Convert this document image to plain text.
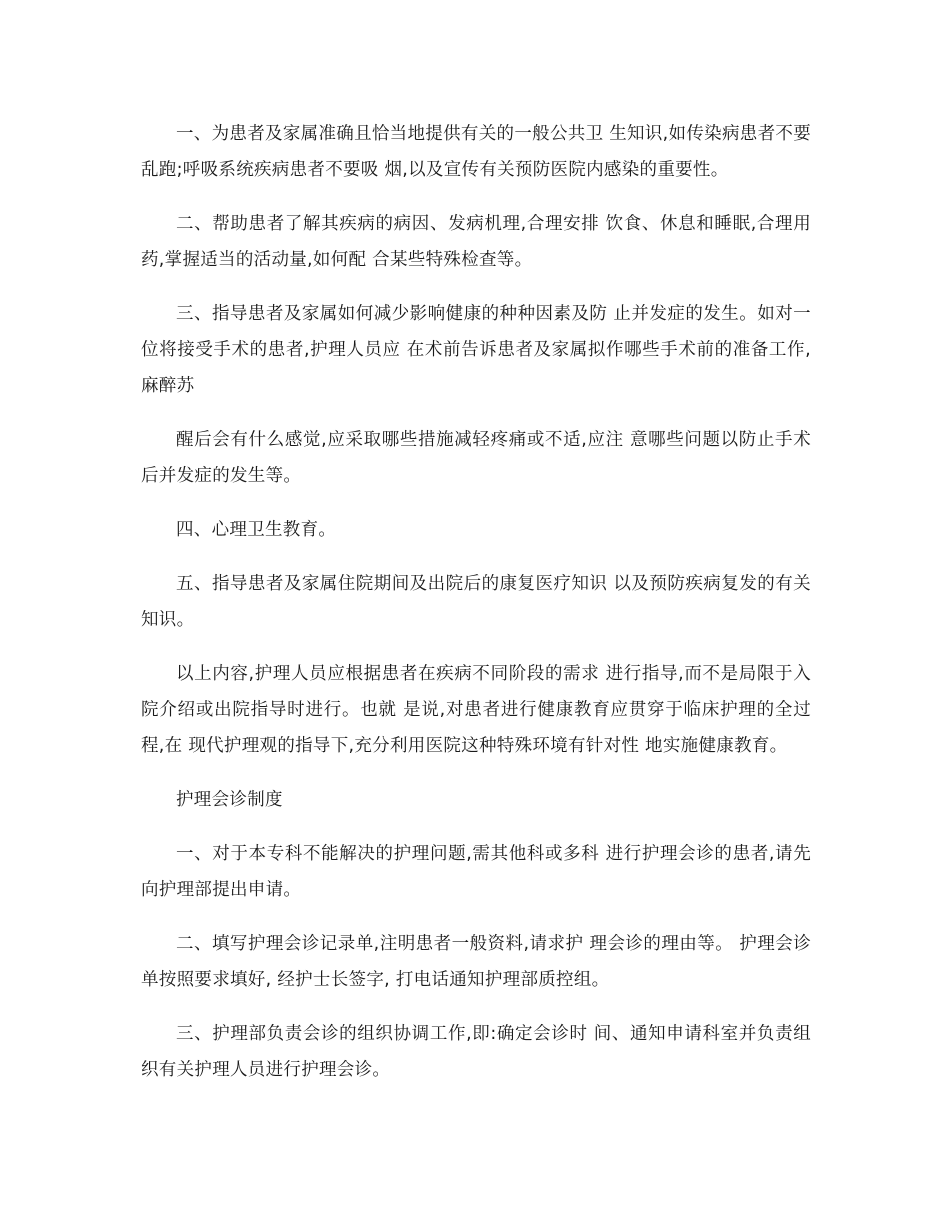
一、为患者及家属准确且恰当地提供有关的一般公共卫 生知识,如传染病患者不要乱跑;呼吸系统疾病患者不要吸 烟,以及宣传有关预防医院内感染的重要性。

二、帮助患者了解其疾病的病因、发病机理,合理安排 饮食、休息和睡眠,合理用药,掌握适当的活动量,如何配 合某些特殊检查等。

三、指导患者及家属如何减少影响健康的种种因素及防 止并发症的发生。如对一位将接受手术的患者,护理人员应 在术前告诉患者及家属拟作哪些手术前的准备工作,麻醉苏

醒后会有什么感觉,应采取哪些措施减轻疼痛或不适,应注 意哪些问题以防止手术后并发症的发生等。

四、心理卫生教育。

五、指导患者及家属住院期间及出院后的康复医疗知识 以及预防疾病复发的有关知识。

以上内容,护理人员应根据患者在疾病不同阶段的需求 进行指导,而不是局限于入院介绍或出院指导时进行。也就 是说,对患者进行健康教育应贯穿于临床护理的全过程,在 现代护理观的指导下,充分利用医院这种特殊环境有针对性 地实施健康教育。

护理会诊制度

一、对于本专科不能解决的护理问题,需其他科或多科 进行护理会诊的患者,请先向护理部提出申请。

二、填写护理会诊记录单,注明患者一般资料,请求护 理会诊的理由等。 护理会诊单按照要求填好, 经护士长签字, 打电话通知护理部质控组。

三、护理部负责会诊的组织协调工作,即:确定会诊时 间、通知申请科室并负责组织有关护理人员进行护理会诊。
